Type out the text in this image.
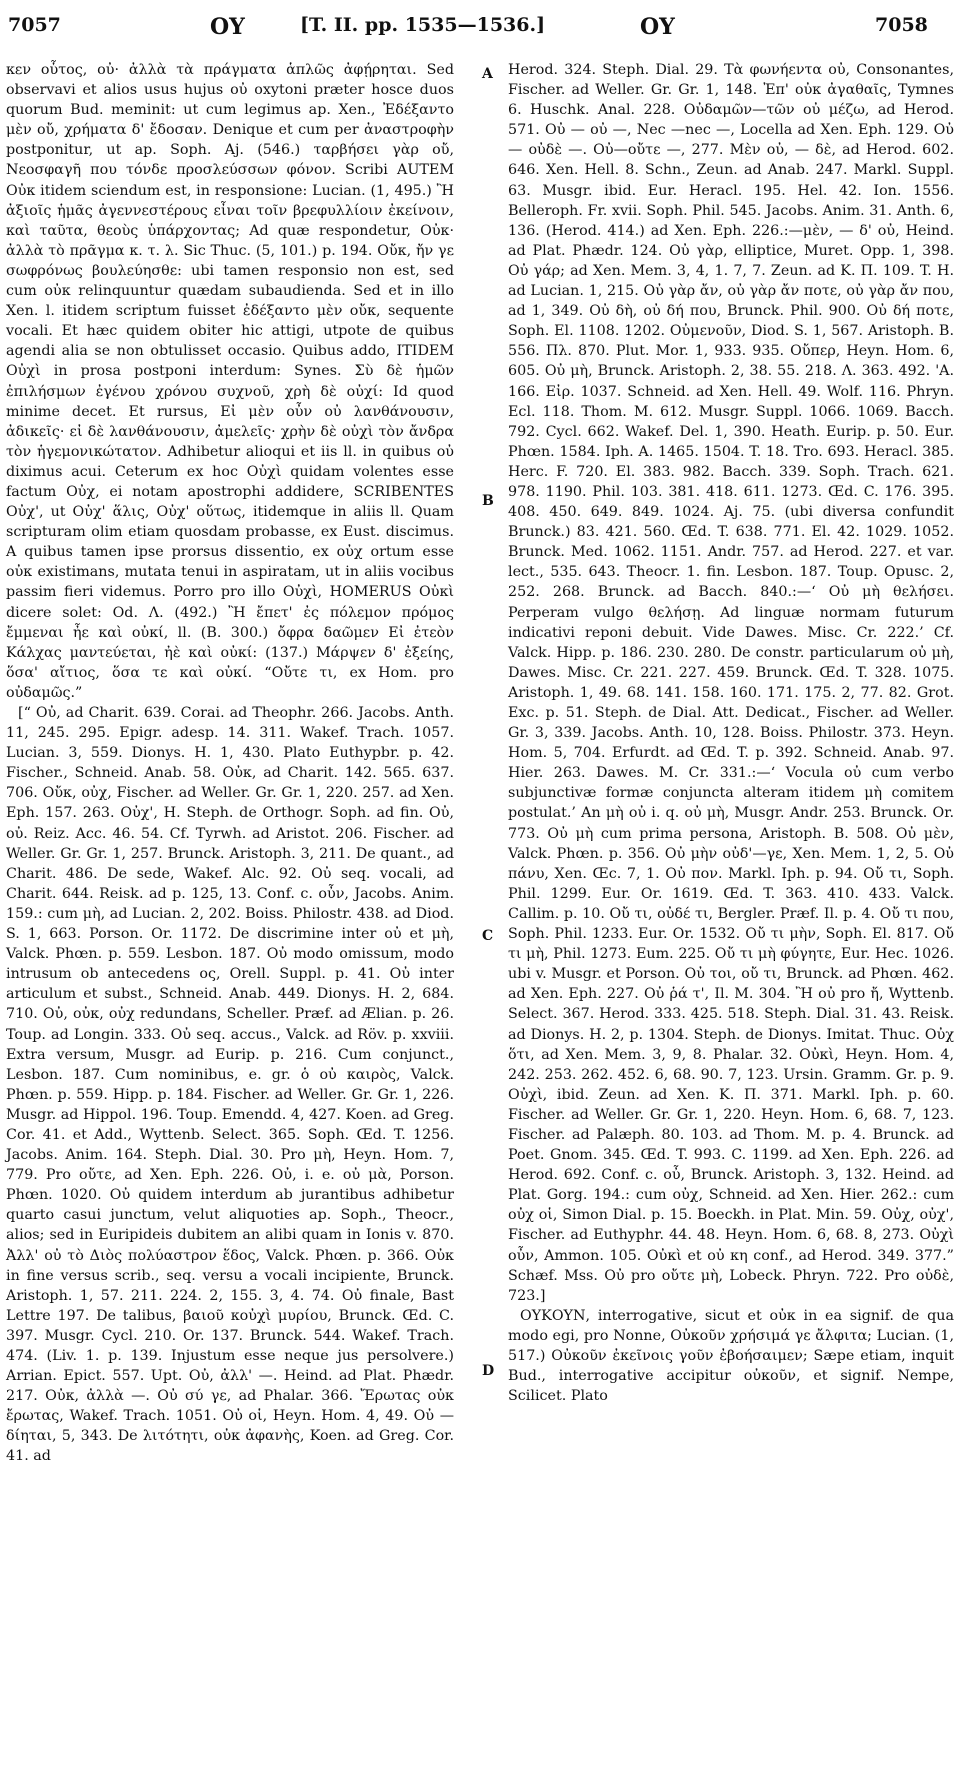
7057	ΟΥ	[T. II. pp. 1535—1536.]	ΟΥ	7058
A
B
C
D

κεν οὗτος, οὐ· ἀλλὰ τὰ πράγματα ἁπλῶς ἀφῄρηται. Sed observavi et alios usus hujus οὐ oxytoni præter hosce duos quorum Bud. meminit: ut cum legimus ap. Xen., Ἐδέξαντο μὲν οὔ, χρήματα δ' ἔδοσαν. Denique et cum per ἀναστροφὴν postponitur, ut ap. Soph. Aj. (546.) ταρβήσει γὰρ οὔ, Νεοσφαγῆ που τόνδε προσλεύσσων φόνον. Scribi AUTEM Οὐκ itidem sciendum est, in responsione: Lucian. (1, 495.) Ἢ ἀξιοῖς ἡμᾶς ἀγεννεστέρους εἶναι τοῖν βρεφυλλίοιν ἐκείνοιν, καὶ ταῦτα, θεοὺς ὑπάρχοντας; Ad quæ respondetur, Οὐκ· ἀλλὰ τὸ πρᾶγμα κ. τ. λ. Sic Thuc. (5, 101.) p. 194. Οὔκ, ἤν γε σωφρόνως βουλεύησθε: ubi tamen responsio non est, sed cum οὐκ relinquuntur quædam subaudienda. Sed et in illo Xen. l. itidem scriptum fuisset ἐδέξαντο μὲν οὔκ, sequente vocali. Et hæc quidem obiter hic attigi, utpote de quibus agendi alia se non obtulisset occasio. Quibus addo, ITIDEM Οὐχὶ in prosa postponi interdum: Synes. Σὺ δὲ ἡμῶν ἐπιλήσμων ἐγένου χρόνου συχνοῦ, χρὴ δὲ οὐχί: Id quod minime decet. Et rursus, Εἰ μὲν οὖν οὐ λανθάνουσιν, ἀδικεῖς· εἰ δὲ λανθάνουσιν, ἀμελεῖς· χρὴν δὲ οὐχὶ τὸν ἄνδρα τὸν ἡγεμονικώτατον. Adhibetur alioqui et iis ll. in quibus οὐ diximus acui. Ceterum ex hoc Οὐχὶ quidam volentes esse factum Οὐχ, ei notam apostrophi addidere, SCRIBENTES Οὐχ', ut Οὐχ' ἅλις, Οὐχ' οὕτως, itidemque in aliis ll. Quam scripturam olim etiam quosdam probasse, ex Eust. discimus. A quibus tamen ipse prorsus dissentio, ex οὐχ ortum esse οὐκ existimans, mutata tenui in aspiratam, ut in aliis vocibus passim fieri videmus. Porro pro illo Οὐχὶ, HOMERUS Οὐκὶ dicere solet: Od. Λ. (492.) Ἢ ἔπετ' ἐς πόλεμον πρόμος ἔμμεναι ἦε καὶ οὐκί, ll. (B. 300.) ὄφρα δαῶμεν Εἰ ἐτεὸν Κάλχας μαντεύεται, ἠὲ καὶ οὐκί: (137.) Μάρψεν δ' ἐξείης, ὅσα' αἴτιος, ὅσα τε καὶ οὐκί. “Οὔτε τι, ex Hom. pro οὐδαμῶς.”

[“ Οὐ, ad Charit. 639. Corai. ad Theophr. 266. Jacobs. Anth. 11, 245. 295. Epigr. adesp. 14. 311. Wakef. Trach. 1057. Lucian. 3, 559. Dionys. H. 1, 430. Plato Euthypbr. p. 42. Fischer., Schneid. Anab. 58. Οὐκ, ad Charit. 142. 565. 637. 706. Οὔκ, οὐχ, Fischer. ad Weller. Gr. Gr. 1, 220. 257. ad Xen. Eph. 157. 263. Οὐχ', H. Steph. de Orthogr. Soph. ad fin. Οὐ, οὐ. Reiz. Acc. 46. 54. Cf. Tyrwh. ad Aristot. 206. Fischer. ad Weller. Gr. Gr. 1, 257. Brunck. Aristoph. 3, 211. De quant., ad Charit. 486. De sede, Wakef. Alc. 92. Οὐ seq. vocali, ad Charit. 644. Reisk. ad p. 125, 13. Conf. c. οὖν, Jacobs. Anim. 159.: cum μὴ, ad Lucian. 2, 202. Boiss. Philostr. 438. ad Diod. S. 1, 663. Porson. Or. 1172. De discrimine inter οὐ et μὴ, Valck. Phœn. p. 559. Lesbon. 187. Οὐ modo omissum, modo intrusum ob antecedens ος, Orell. Suppl. p. 41. Οὐ inter articulum et subst., Schneid. Anab. 449. Dionys. H. 2, 684. 710. Οὐ, οὐκ, οὐχ redundans, Scheller. Præf. ad Ælian. p. 26. Toup. ad Longin. 333. Οὐ seq. accus., Valck. ad Röv. p. xxviii. Extra versum, Musgr. ad Eurip. p. 216. Cum conjunct., Lesbon. 187. Cum nominibus, e. gr. ὁ οὐ καιρὸς, Valck. Phœn. p. 559. Hipp. p. 184. Fischer. ad Weller. Gr. Gr. 1, 226. Musgr. ad Hippol. 196. Toup. Emendd. 4, 427. Koen. ad Greg. Cor. 41. et Add., Wyttenb. Select. 365. Soph. Œd. T. 1256. Jacobs. Anim. 164. Steph. Dial. 30. Pro μὴ, Heyn. Hom. 7, 779. Pro οὔτε, ad Xen. Eph. 226. Οὐ, i. e. οὐ μὰ, Porson. Phœn. 1020. Οὐ quidem interdum ab jurantibus adhibetur quarto casui junctum, velut aliquoties ap. Soph., Theocr., alios; sed in Euripideis dubitem an alibi quam in Ionis v. 870. Ἀλλ' οὐ τὸ Διὸς πολύαστρον ἕδος, Valck. Phœn. p. 366. Οὐκ in fine versus scrib., seq. versu a vocali incipiente, Brunck. Aristoph. 1, 57. 211. 224. 2, 155. 3, 4. 74. Οὐ finale, Bast Lettre 197. De talibus, βαιοῦ κοὐχὶ μυρίου, Brunck. Œd. C. 397. Musgr. Cycl. 210. Or. 137. Brunck. 544. Wakef. Trach. 474. (Liv. 1. p. 139. Injustum esse neque jus persolvere.) Arrian. Epict. 557. Upt. Οὐ, ἀλλ' —. Heind. ad Plat. Phædr. 217. Οὐκ, ἀλλὰ —. Οὐ σύ γε, ad Phalar. 366. Ἔρωτας οὐκ ἔρωτας, Wakef. Trach. 1051. Οὐ οἱ, Heyn. Hom. 4, 49. Οὐ — δίηται, 5, 343. De λιτότητι, οὐκ ἀφανὴς, Koen. ad Greg. Cor. 41. ad

Herod. 324. Steph. Dial. 29. Τὰ φωνήεντα οὐ, Consonantes, Fischer. ad Weller. Gr. Gr. 1, 148. Ἐπ' οὐκ ἀγαθαῖς, Tymnes 6. Huschk. Anal. 228. Οὐδαμῶν—τῶν οὐ μέζω, ad Herod. 571. Οὐ — οὐ —, Nec —nec —, Locella ad Xen. Eph. 129. Οὐ — οὐδὲ —. Οὐ—οὔτε —, 277. Μὲν οὐ, — δὲ, ad Herod. 602. 646. Xen. Hell. 8. Schn., Zeun. ad Anab. 247. Markl. Suppl. 63. Musgr. ibid. Eur. Heracl. 195. Hel. 42. Ion. 1556. Belleroph. Fr. xvii. Soph. Phil. 545. Jacobs. Anim. 31. Anth. 6, 136. (Herod. 414.) ad Xen. Eph. 226.:—μὲν, — δ' οὐ, Heind. ad Plat. Phædr. 124. Οὐ γὰρ, elliptice, Muret. Opp. 1, 398. Οὐ γάρ; ad Xen. Mem. 3, 4, 1. 7, 7. Zeun. ad K. Π. 109. T. H. ad Lucian. 1, 215. Οὐ γὰρ ἄν, οὐ γὰρ ἄν ποτε, οὐ γὰρ ἄν που, ad 1, 349. Οὐ δὴ, οὐ δή που, Brunck. Phil. 900. Οὐ δή ποτε, Soph. El. 1108. 1202. Οὐμενοῦν, Diod. S. 1, 567. Aristoph. B. 556. Πλ. 870. Plut. Mor. 1, 933. 935. Οὔπερ, Heyn. Hom. 6, 605. Οὐ μὴ, Brunck. Aristoph. 2, 38. 55. 218. Λ. 363. 492. 'A. 166. Εἰρ. 1037. Schneid. ad Xen. Hell. 49. Wolf. 116. Phryn. Ecl. 118. Thom. M. 612. Musgr. Suppl. 1066. 1069. Bacch. 792. Cycl. 662. Wakef. Del. 1, 390. Heath. Eurip. p. 50. Eur. Phœn. 1584. Iph. A. 1465. 1504. T. 18. Tro. 693. Heracl. 385. Herc. F. 720. El. 383. 982. Bacch. 339. Soph. Trach. 621. 978. 1190. Phil. 103. 381. 418. 611. 1273. Œd. C. 176. 395. 408. 450. 649. 849. 1024. Aj. 75. (ubi diversa confundit Brunck.) 83. 421. 560. Œd. T. 638. 771. El. 42. 1029. 1052. Brunck. Med. 1062. 1151. Andr. 757. ad Herod. 227. et var. lect., 535. 643. Theocr. 1. fin. Lesbon. 187. Toup. Opusc. 2, 252. 268. Brunck. ad Bacch. 840.:—‘ Οὐ μὴ θελήσει. Perperam vulgo θελήσῃ. Ad linguæ normam futurum indicativi reponi debuit. Vide Dawes. Misc. Cr. 222.’ Cf. Valck. Hipp. p. 186. 230. 280. De constr. particularum οὐ μὴ, Dawes. Misc. Cr. 221. 227. 459. Brunck. Œd. T. 328. 1075. Aristoph. 1, 49. 68. 141. 158. 160. 171. 175. 2, 77. 82. Grot. Exc. p. 51. Steph. de Dial. Att. Dedicat., Fischer. ad Weller. Gr. 3, 339. Jacobs. Anth. 10, 128. Boiss. Philostr. 373. Heyn. Hom. 5, 704. Erfurdt. ad Œd. T. p. 392. Schneid. Anab. 97. Hier. 263. Dawes. M. Cr. 331.:—‘ Vocula οὐ cum verbo subjunctivæ formæ conjuncta alteram itidem μὴ comitem postulat.’ An μὴ οὐ i. q. οὐ μὴ, Musgr. Andr. 253. Brunck. Or. 773. Οὐ μὴ cum prima persona, Aristoph. B. 508. Οὐ μὲν, Valck. Phœn. p. 356. Οὐ μὴν οὐδ'—γε, Xen. Mem. 1, 2, 5. Οὐ πάνυ, Xen. Œc. 7, 1. Οὐ πον. Markl. Iph. p. 94. Οὔ τι, Soph. Phil. 1299. Eur. Or. 1619. Œd. T. 363. 410. 433. Valck. Callim. p. 10. Οὔ τι, οὐδέ τι, Bergler. Præf. Il. p. 4. Οὔ τι που, Soph. Phil. 1233. Eur. Or. 1532. Οὔ τι μὴν, Soph. El. 817. Οὔ τι μὴ, Phil. 1273. Eum. 225. Οὔ τι μὴ φύγητε, Eur. Hec. 1026. ubi v. Musgr. et Porson. Οὐ τοι, οὔ τι, Brunck. ad Phœn. 462. ad Xen. Eph. 227. Οὐ ῥά τ', Il. M. 304. Ἢ οὐ pro ἤ, Wyttenb. Select. 367. Herod. 333. 425. 518. Steph. Dial. 31. 43. Reisk. ad Dionys. H. 2, p. 1304. Steph. de Dionys. Imitat. Thuc. Οὐχ ὅτι, ad Xen. Mem. 3, 9, 8. Phalar. 32. Οὐκὶ, Heyn. Hom. 4, 242. 253. 262. 452. 6, 68. 90. 7, 123. Ursin. Gramm. Gr. p. 9. Οὐχὶ, ibid. Zeun. ad Xen. K. Π. 371. Markl. Iph. p. 60. Fischer. ad Weller. Gr. Gr. 1, 220. Heyn. Hom. 6, 68. 7, 123. Fischer. ad Palæph. 80. 103. ad Thom. M. p. 4. Brunck. ad Poet. Gnom. 345. Œd. T. 993. C. 1199. ad Xen. Eph. 226. ad Herod. 692. Conf. c. οὖ, Brunck. Aristoph. 3, 132. Heind. ad Plat. Gorg. 194.: cum οὐχ, Schneid. ad Xen. Hier. 262.: cum οὐχ οἱ, Simon Dial. p. 15. Boeckh. in Plat. Min. 59. Οὐχ, οὐχ', Fischer. ad Euthyphr. 44. 48. Heyn. Hom. 6, 68. 8, 273. Οὐχὶ οὖν, Ammon. 105. Οὐκὶ et οὐ κη conf., ad Herod. 349. 377.” Schæf. Mss. Οὐ pro οὔτε μὴ, Lobeck. Phryn. 722. Pro οὐδὲ, 723.]

ΟΥΚΟΥΝ, interrogative, sicut et οὐκ in ea signif. de qua modo egi, pro Nonne, Οὐκοῦν χρήσιμά γε ἄλφιτα; Lucian. (1, 517.) Οὐκοῦν ἐκεῖνοις γοῦν ἐβοήσαιμεν; Sæpe etiam, inquit Bud., interrogative accipitur οὐκοῦν, et signif. Nempe, Scilicet. Plato
